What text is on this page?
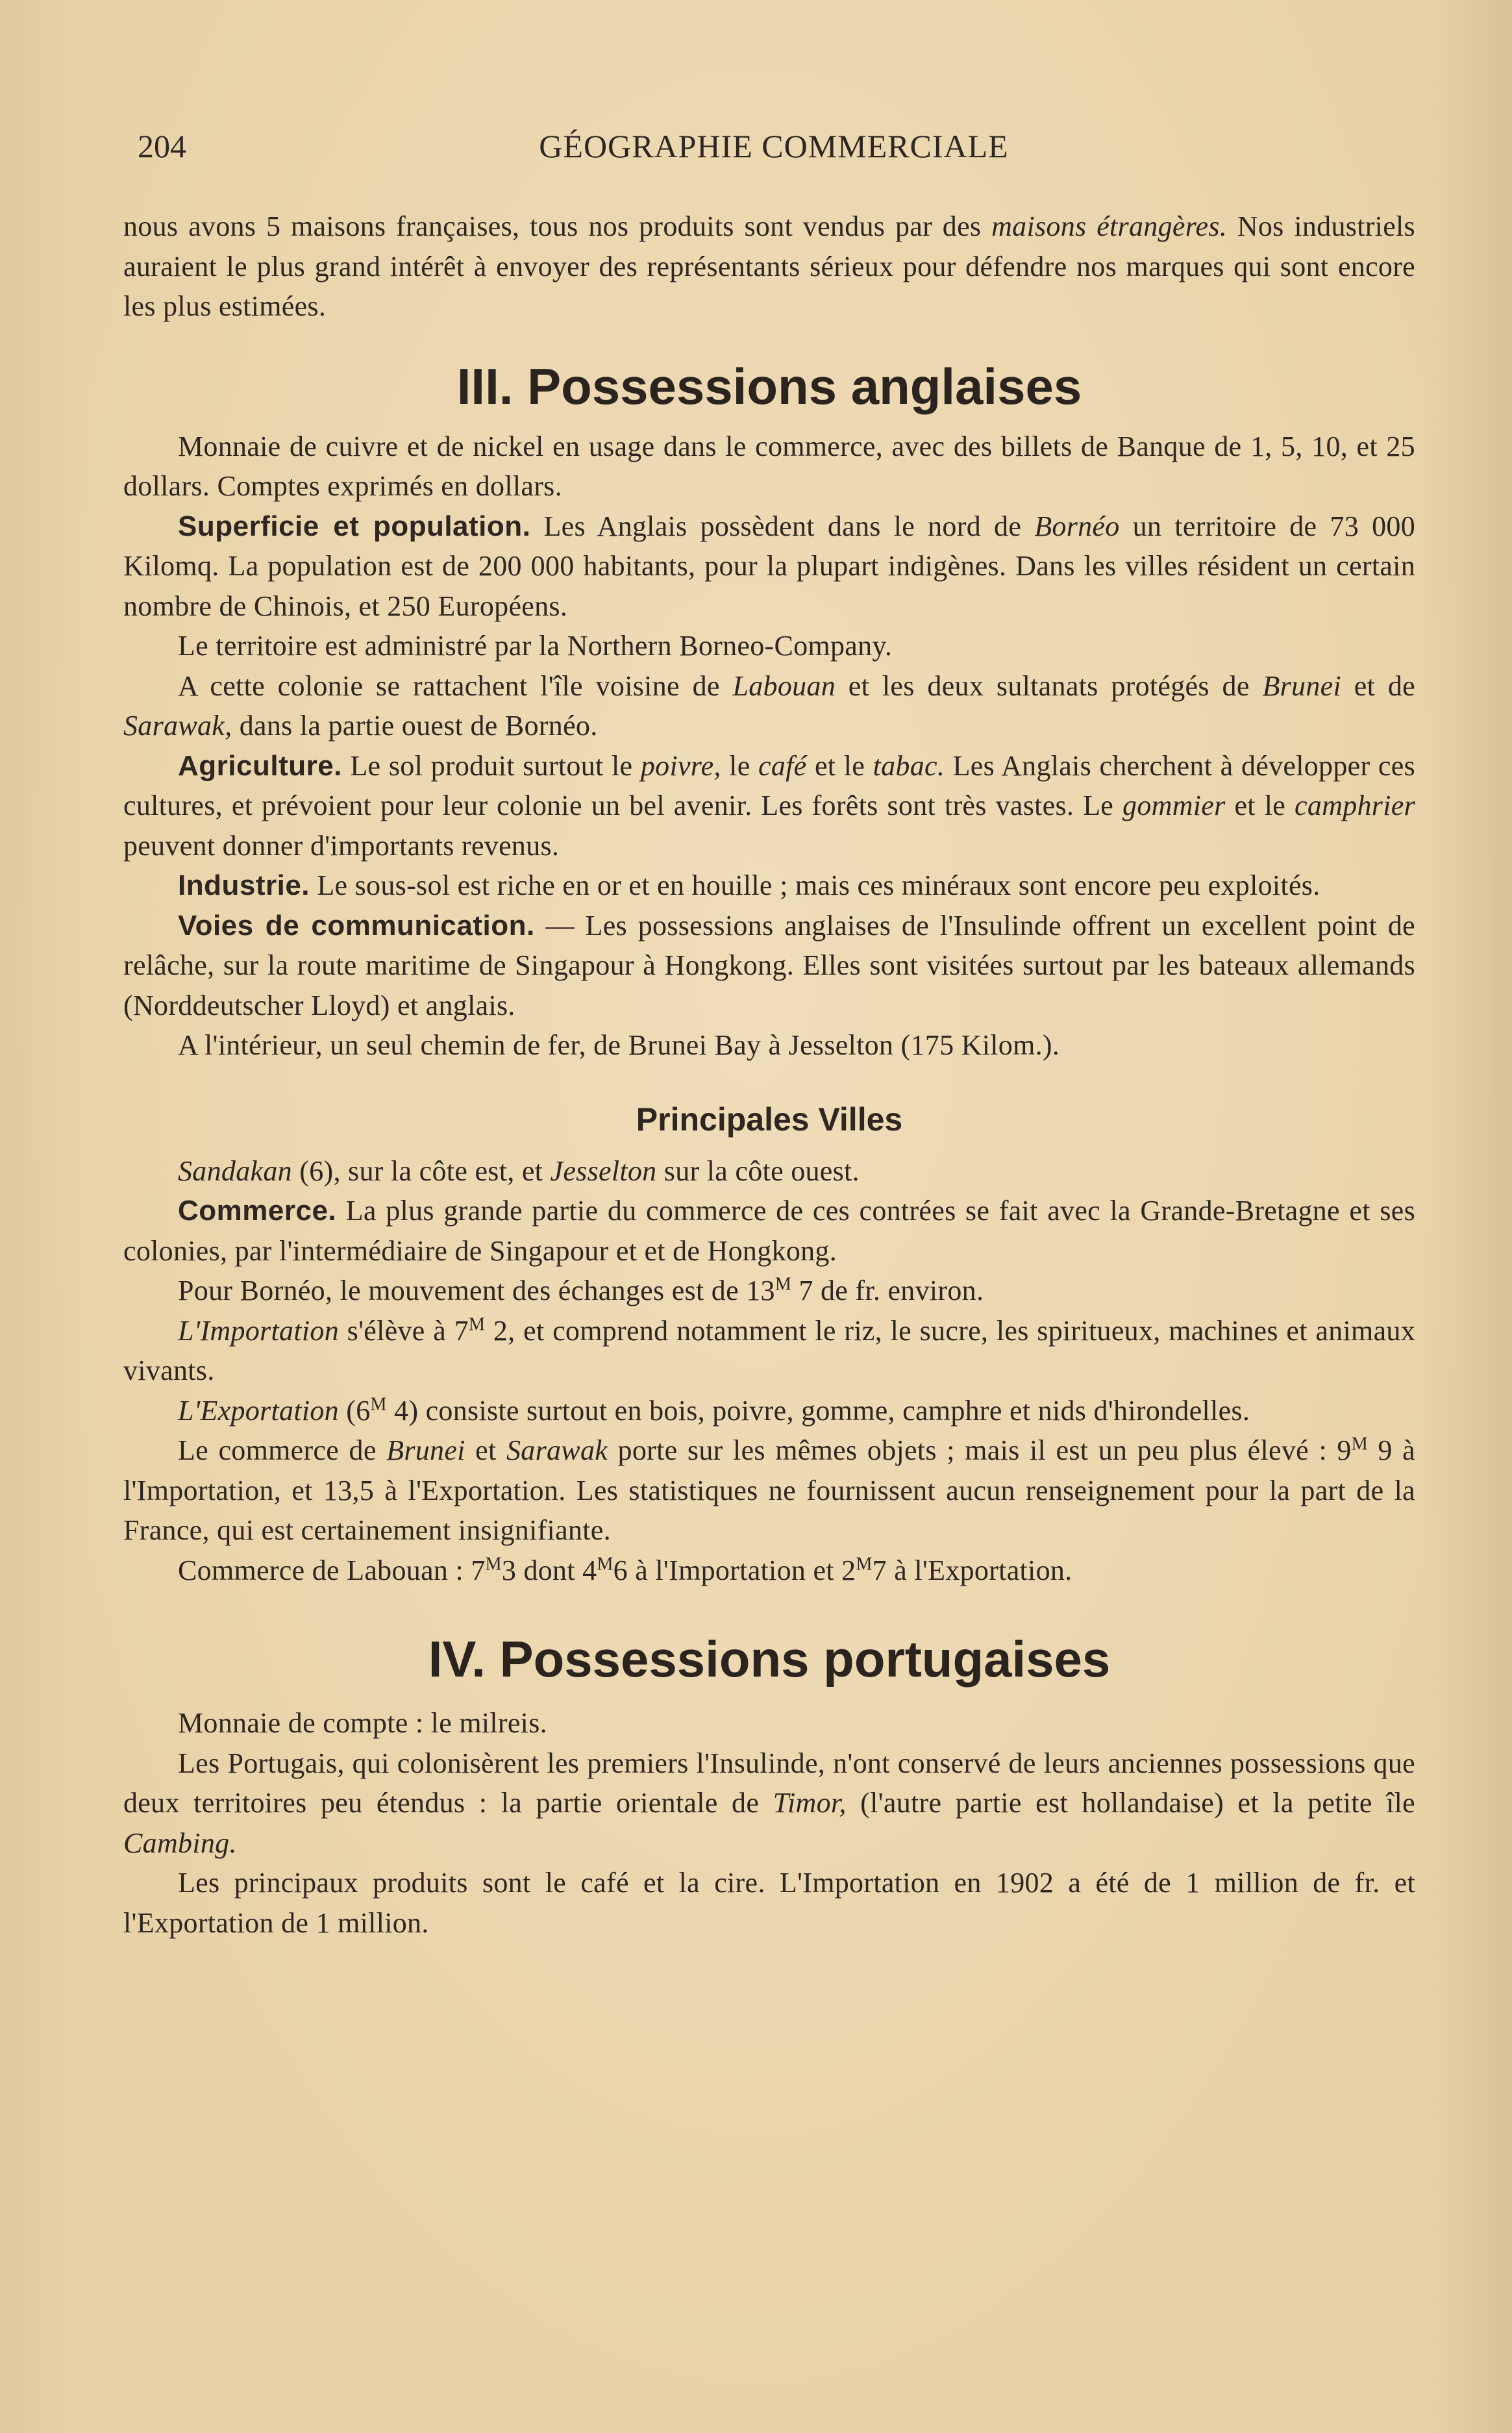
204	GÉOGRAPHIE COMMERCIALE

nous avons 5 maisons françaises, tous nos produits sont vendus par des maisons étrangères. Nos industriels auraient le plus grand intérêt à envoyer des représentants sérieux pour défendre nos marques qui sont encore les plus estimées.

III. Possessions anglaises

Monnaie de cuivre et de nickel en usage dans le commerce, avec des billets de Banque de 1, 5, 10, et 25 dollars. Comptes exprimés en dollars.

Superficie et population. Les Anglais possèdent dans le nord de Bornéo un territoire de 73 000 Kilomq. La population est de 200 000 habitants, pour la plupart indigènes. Dans les villes résident un certain nombre de Chinois, et 250 Européens.

Le territoire est administré par la Northern Borneo-Company.

A cette colonie se rattachent l'île voisine de Labouan et les deux sultanats protégés de Brunei et de Sarawak, dans la partie ouest de Bornéo.

Agriculture. Le sol produit surtout le poivre, le café et le tabac. Les Anglais cherchent à développer ces cultures, et prévoient pour leur colonie un bel avenir. Les forêts sont très vastes. Le gommier et le camphrier peuvent donner d'importants revenus.

Industrie. Le sous-sol est riche en or et en houille ; mais ces minéraux sont encore peu exploités.

Voies de communication. — Les possessions anglaises de l'Insulinde offrent un excellent point de relâche, sur la route maritime de Singapour à Hongkong. Elles sont visitées surtout par les bateaux allemands (Norddeutscher Lloyd) et anglais.

A l'intérieur, un seul chemin de fer, de Brunei Bay à Jesselton (175 Kilom.).

Principales Villes

Sandakan (6), sur la côte est, et Jesselton sur la côte ouest.

Commerce. La plus grande partie du commerce de ces contrées se fait avec la Grande-Bretagne et ses colonies, par l'intermédiaire de Singapour et et de Hongkong.

Pour Bornéo, le mouvement des échanges est de $13^M$ 7 de fr. environ.

L'Importation s'élève à $7^M$ 2, et comprend notamment le riz, le sucre, les spiritueux, machines et animaux vivants.

L'Exportation ($6^M$ 4) consiste surtout en bois, poivre, gomme, camphre et nids d'hirondelles.

Le commerce de Brunei et Sarawak porte sur les mêmes objets ; mais il est un peu plus élevé : $9^M$ 9 à l'Importation, et 13,5 à l'Exportation. Les statistiques ne fournissent aucun renseignement pour la part de la France, qui est certainement insignifiante.

Commerce de Labouan : $7^M3$ dont $4^M6$ à l'Importation et $2^M7$ à l'Exportation.

IV. Possessions portugaises

Monnaie de compte : le milreis.

Les Portugais, qui colonisèrent les premiers l'Insulinde, n'ont conservé de leurs anciennes possessions que deux territoires peu étendus : la partie orientale de Timor, (l'autre partie est hollandaise) et la petite île Cambing.

Les principaux produits sont le café et la cire. L'Importation en 1902 a été de 1 million de fr. et l'Exportation de 1 million.
